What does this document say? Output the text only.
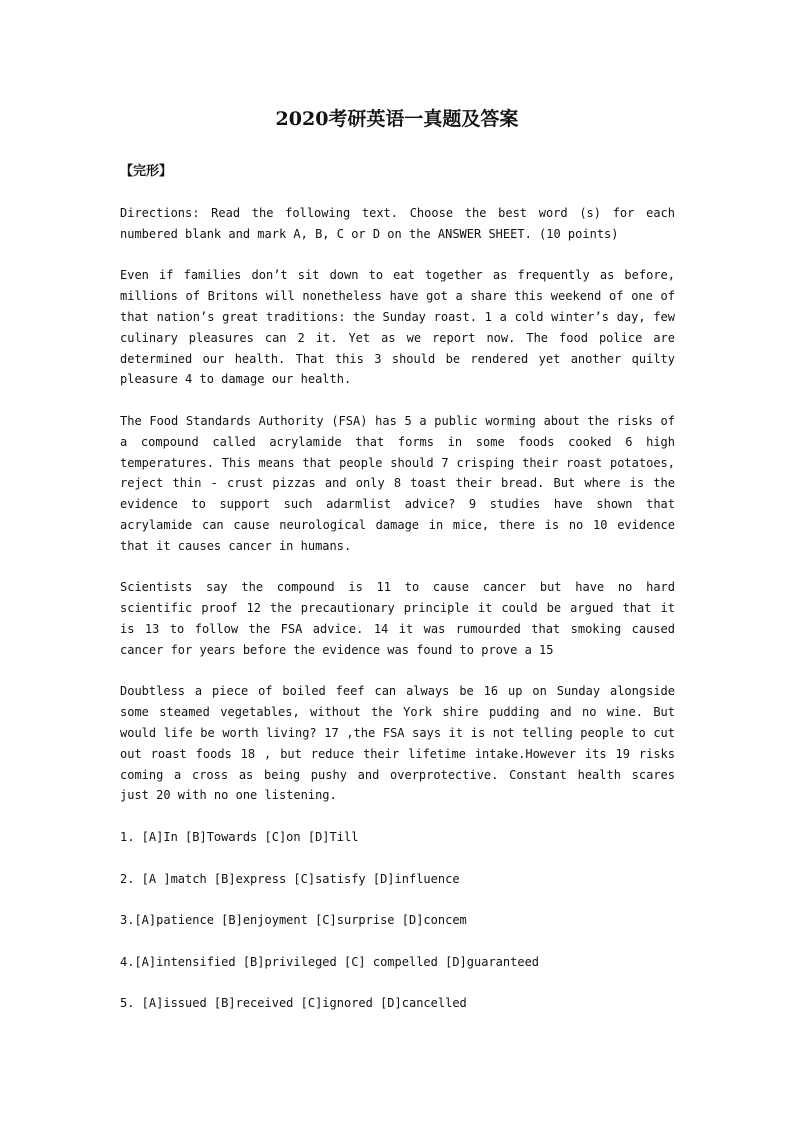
2020考研英语一真题及答案
【完形】

Directions: Read the following text. Choose the best word (s) for each numbered blank and mark A, B, C or D on the ANSWER SHEET. (10 points)

Even if families don’t sit down to eat together as frequently as before, millions of Britons will nonetheless have got a share this weekend of one of that nation’s great traditions: the Sunday roast. 1 a cold winter’s day, few culinary pleasures can 2 it. Yet as we report now. The food police are determined our health. That this 3 should be rendered yet another quilty pleasure 4 to damage our health.

The Food Standards Authority (FSA) has 5 a public worming about the risks of a compound called acrylamide that forms in some foods cooked 6 high temperatures. This means that people should 7 crisping their roast potatoes, reject thin - crust pizzas and only 8 toast their bread. But where is the evidence to support such adarmlist advice? 9 studies have shown that acrylamide can cause neurological damage in mice, there is no 10 evidence that it causes cancer in humans.

Scientists say the compound is 11 to cause cancer but have no hard scientific proof 12 the precautionary principle it could be argued that it is 13 to follow the FSA advice. 14 it was rumourded that smoking caused cancer for years before the evidence was found to prove a 15

Doubtless a piece of boiled feef can always be 16 up on Sunday alongside some steamed vegetables, without the York shire pudding and no wine. But would life be worth living? 17 ,the FSA says it is not telling people to cut out roast foods 18 , but reduce their lifetime intake.However its 19 risks coming a cross as being pushy and overprotective. Constant health scares just 20 with no one listening.

1. [A]In [B]Towards [C]on [D]Till
2. [A ]match [B]express [C]satisfy [D]influence
3.[A]patience [B]enjoyment [C]surprise [D]concem
4.[A]intensified [B]privileged [C] compelled [D]guaranteed
5. [A]issued [B]received [C]ignored [D]cancelled
